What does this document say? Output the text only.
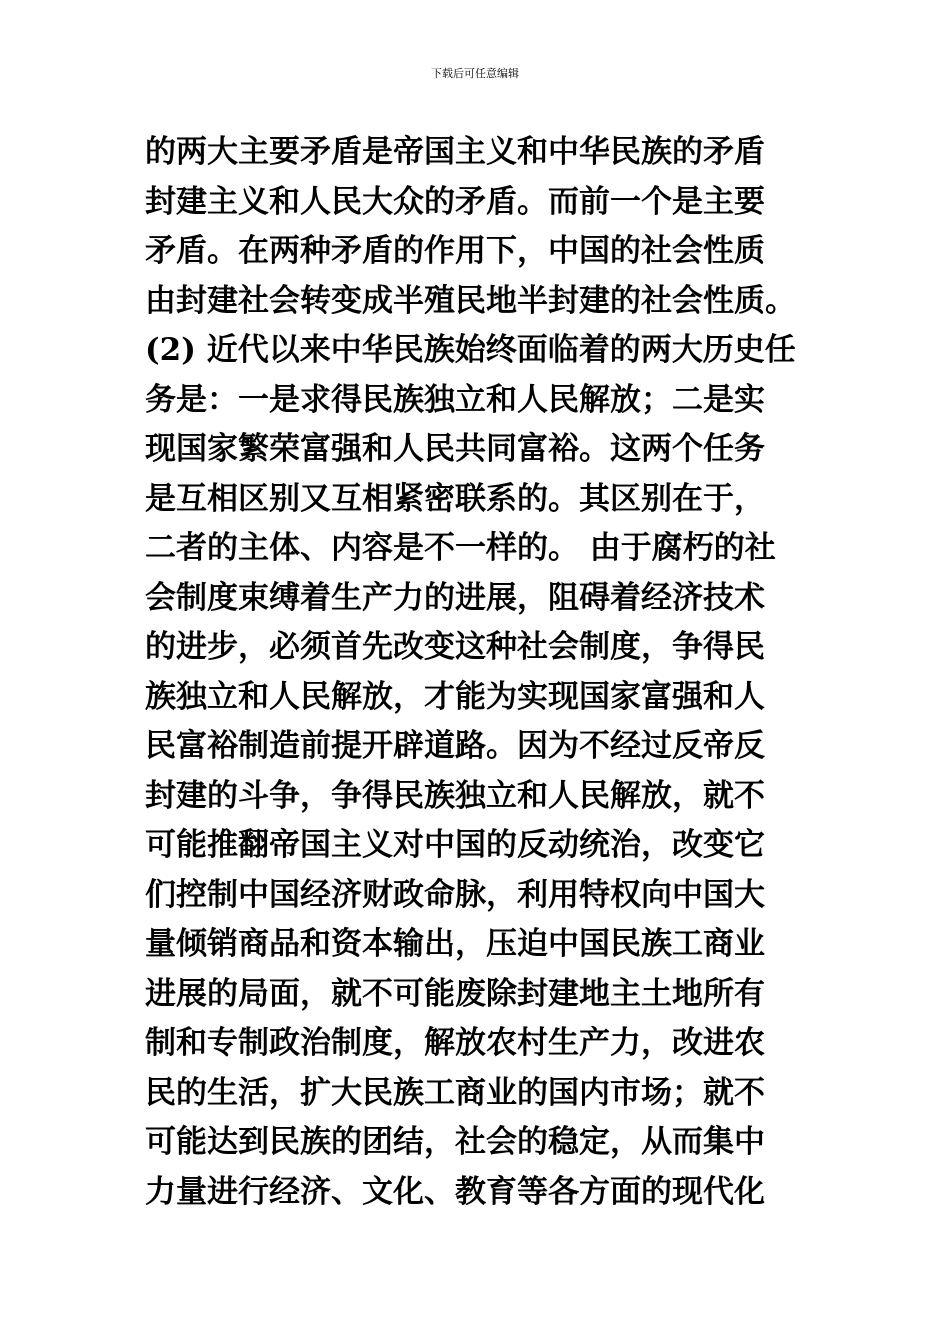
下载后可任意编辑
的两大主要矛盾是帝国主义和中华民族的矛盾
封建主义和人民大众的矛盾。而前一个是主要
矛盾。在两种矛盾的作用下，中国的社会性质
由封建社会转变成半殖民地半封建的社会性质。
(2) 近代以来中华民族始终面临着的两大历史任
务是：一是求得民族独立和人民解放；二是实
现国家繁荣富强和人民共同富裕。这两个任务
是互相区别又互相紧密联系的。其区别在于，
二者的主体、内容是不一样的。 由于腐朽的社
会制度束缚着生产力的进展，阻碍着经济技术
的进步，必须首先改变这种社会制度，争得民
族独立和人民解放，才能为实现国家富强和人
民富裕制造前提开辟道路。因为不经过反帝反
封建的斗争，争得民族独立和人民解放，就不
可能推翻帝国主义对中国的反动统治，改变它
们控制中国经济财政命脉，利用特权向中国大
量倾销商品和资本输出，压迫中国民族工商业
进展的局面，就不可能废除封建地主土地所有
制和专制政治制度，解放农村生产力，改进农
民的生活，扩大民族工商业的国内市场；就不
可能达到民族的团结，社会的稳定，从而集中
力量进行经济、文化、教育等各方面的现代化
